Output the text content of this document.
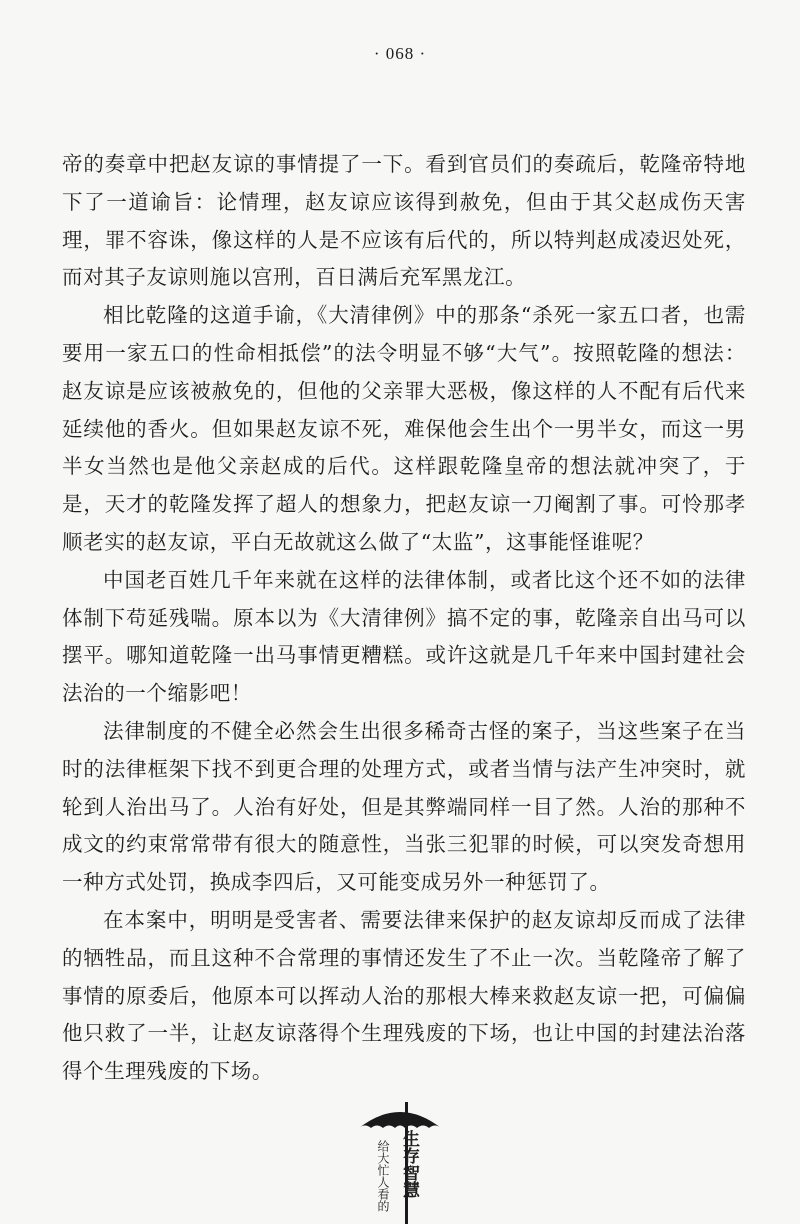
· 068 ·

帝的奏章中把赵友谅的事情提了一下。看到官员们的奏疏后，乾隆帝特地下了一道谕旨：论情理，赵友谅应该得到赦免，但由于其父赵成伤天害理，罪不容诛，像这样的人是不应该有后代的，所以特判赵成凌迟处死，而对其子友谅则施以宫刑，百日满后充军黑龙江。

相比乾隆的这道手谕，《大清律例》中的那条“杀死一家五口者，也需要用一家五口的性命相抵偿”的法令明显不够“大气”。按照乾隆的想法：赵友谅是应该被赦免的，但他的父亲罪大恶极，像这样的人不配有后代来延续他的香火。但如果赵友谅不死，难保他会生出个一男半女，而这一男半女当然也是他父亲赵成的后代。这样跟乾隆皇帝的想法就冲突了，于是，天才的乾隆发挥了超人的想象力，把赵友谅一刀阉割了事。可怜那孝顺老实的赵友谅，平白无故就这么做了“太监”，这事能怪谁呢？

中国老百姓几千年来就在这样的法律体制，或者比这个还不如的法律体制下苟延残喘。原本以为《大清律例》搞不定的事，乾隆亲自出马可以摆平。哪知道乾隆一出马事情更糟糕。或许这就是几千年来中国封建社会法治的一个缩影吧！

法律制度的不健全必然会生出很多稀奇古怪的案子，当这些案子在当时的法律框架下找不到更合理的处理方式，或者当情与法产生冲突时，就轮到人治出马了。人治有好处，但是其弊端同样一目了然。人治的那种不成文的约束常常带有很大的随意性，当张三犯罪的时候，可以突发奇想用一种方式处罚，换成李四后，又可能变成另外一种惩罚了。

在本案中，明明是受害者、需要法律来保护的赵友谅却反而成了法律的牺牲品，而且这种不合常理的事情还发生了不止一次。当乾隆帝了解了事情的原委后，他原本可以挥动人治的那根大棒来救赵友谅一把，可偏偏他只救了一半，让赵友谅落得个生理残废的下场，也让中国的封建法治落得个生理残废的下场。

生存智慧
给大忙人看的
